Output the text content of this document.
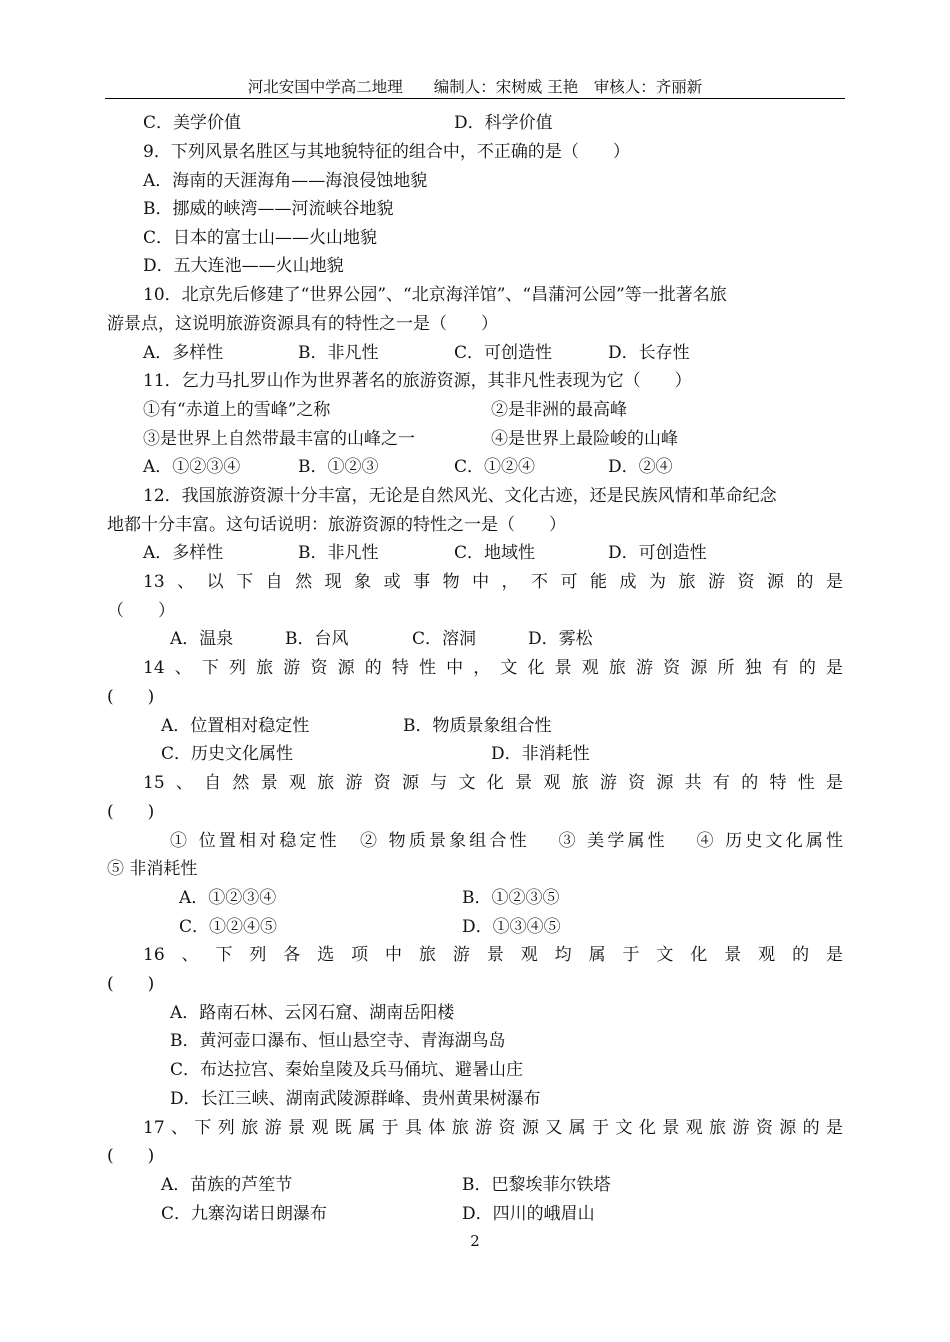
河北安国中学高二地理　　编制人：宋树威 王艳　审核人：齐丽新
C．美学价值	D．科学价值
9．下列风景名胜区与其地貌特征的组合中，不正确的是（　　）
A．海南的天涯海角——海浪侵蚀地貌
B．挪威的峡湾——河流峡谷地貌
C．日本的富士山——火山地貌
D．五大连池——火山地貌
10．北京先后修建了“世界公园”、“北京海洋馆”、“昌蒲河公园”等一批著名旅
游景点，这说明旅游资源具有的特性之一是（　　）
A．多样性	B．非凡性	C．可创造性	D．长存性
11．乞力马扎罗山作为世界著名的旅游资源，其非凡性表现为它（　　）
①有“赤道上的雪峰”之称	②是非洲的最高峰
③是世界上自然带最丰富的山峰之一	④是世界上最险峻的山峰
A．①②③④	B．①②③	C．①②④	D．②④
12．我国旅游资源十分丰富，无论是自然风光、文化古迹，还是民族风情和革命纪念
地都十分丰富。这句话说明：旅游资源的特性之一是（　　）
A．多样性	B．非凡性	C．地域性	D．可创造性
13、以下自然现象或事物中，不可能成为旅游资源的是
（　　）
A．温泉	B．台风	C．溶洞	D．雾松
14、下列旅游资源的特性中，文化景观旅游资源所独有的是
(　　)
A．位置相对稳定性	B．物质景象组合性
C．历史文化属性	D．非消耗性
15、自然景观旅游资源与文化景观旅游资源共有的特性是
(　　)
① 位置相对稳定性　② 物质景象组合性　 ③ 美学属性　 ④ 历史文化属性
⑤ 非消耗性
A．①②③④	B．①②③⑤
C．①②④⑤	D．①③④⑤
16、下列各选项中旅游景观均属于文化景观的是
(　　)
A．路南石林、云冈石窟、湖南岳阳楼
B．黄河壶口瀑布、恒山悬空寺、青海湖鸟岛
C．布达拉宫、秦始皇陵及兵马俑坑、避暑山庄
D．长江三峡、湖南武陵源群峰、贵州黄果树瀑布
17、下列旅游景观既属于具体旅游资源又属于文化景观旅游资源的是
(　　)
A．苗族的芦笙节	B．巴黎埃菲尔铁塔
C．九寨沟诺日朗瀑布	D．四川的峨眉山
2
